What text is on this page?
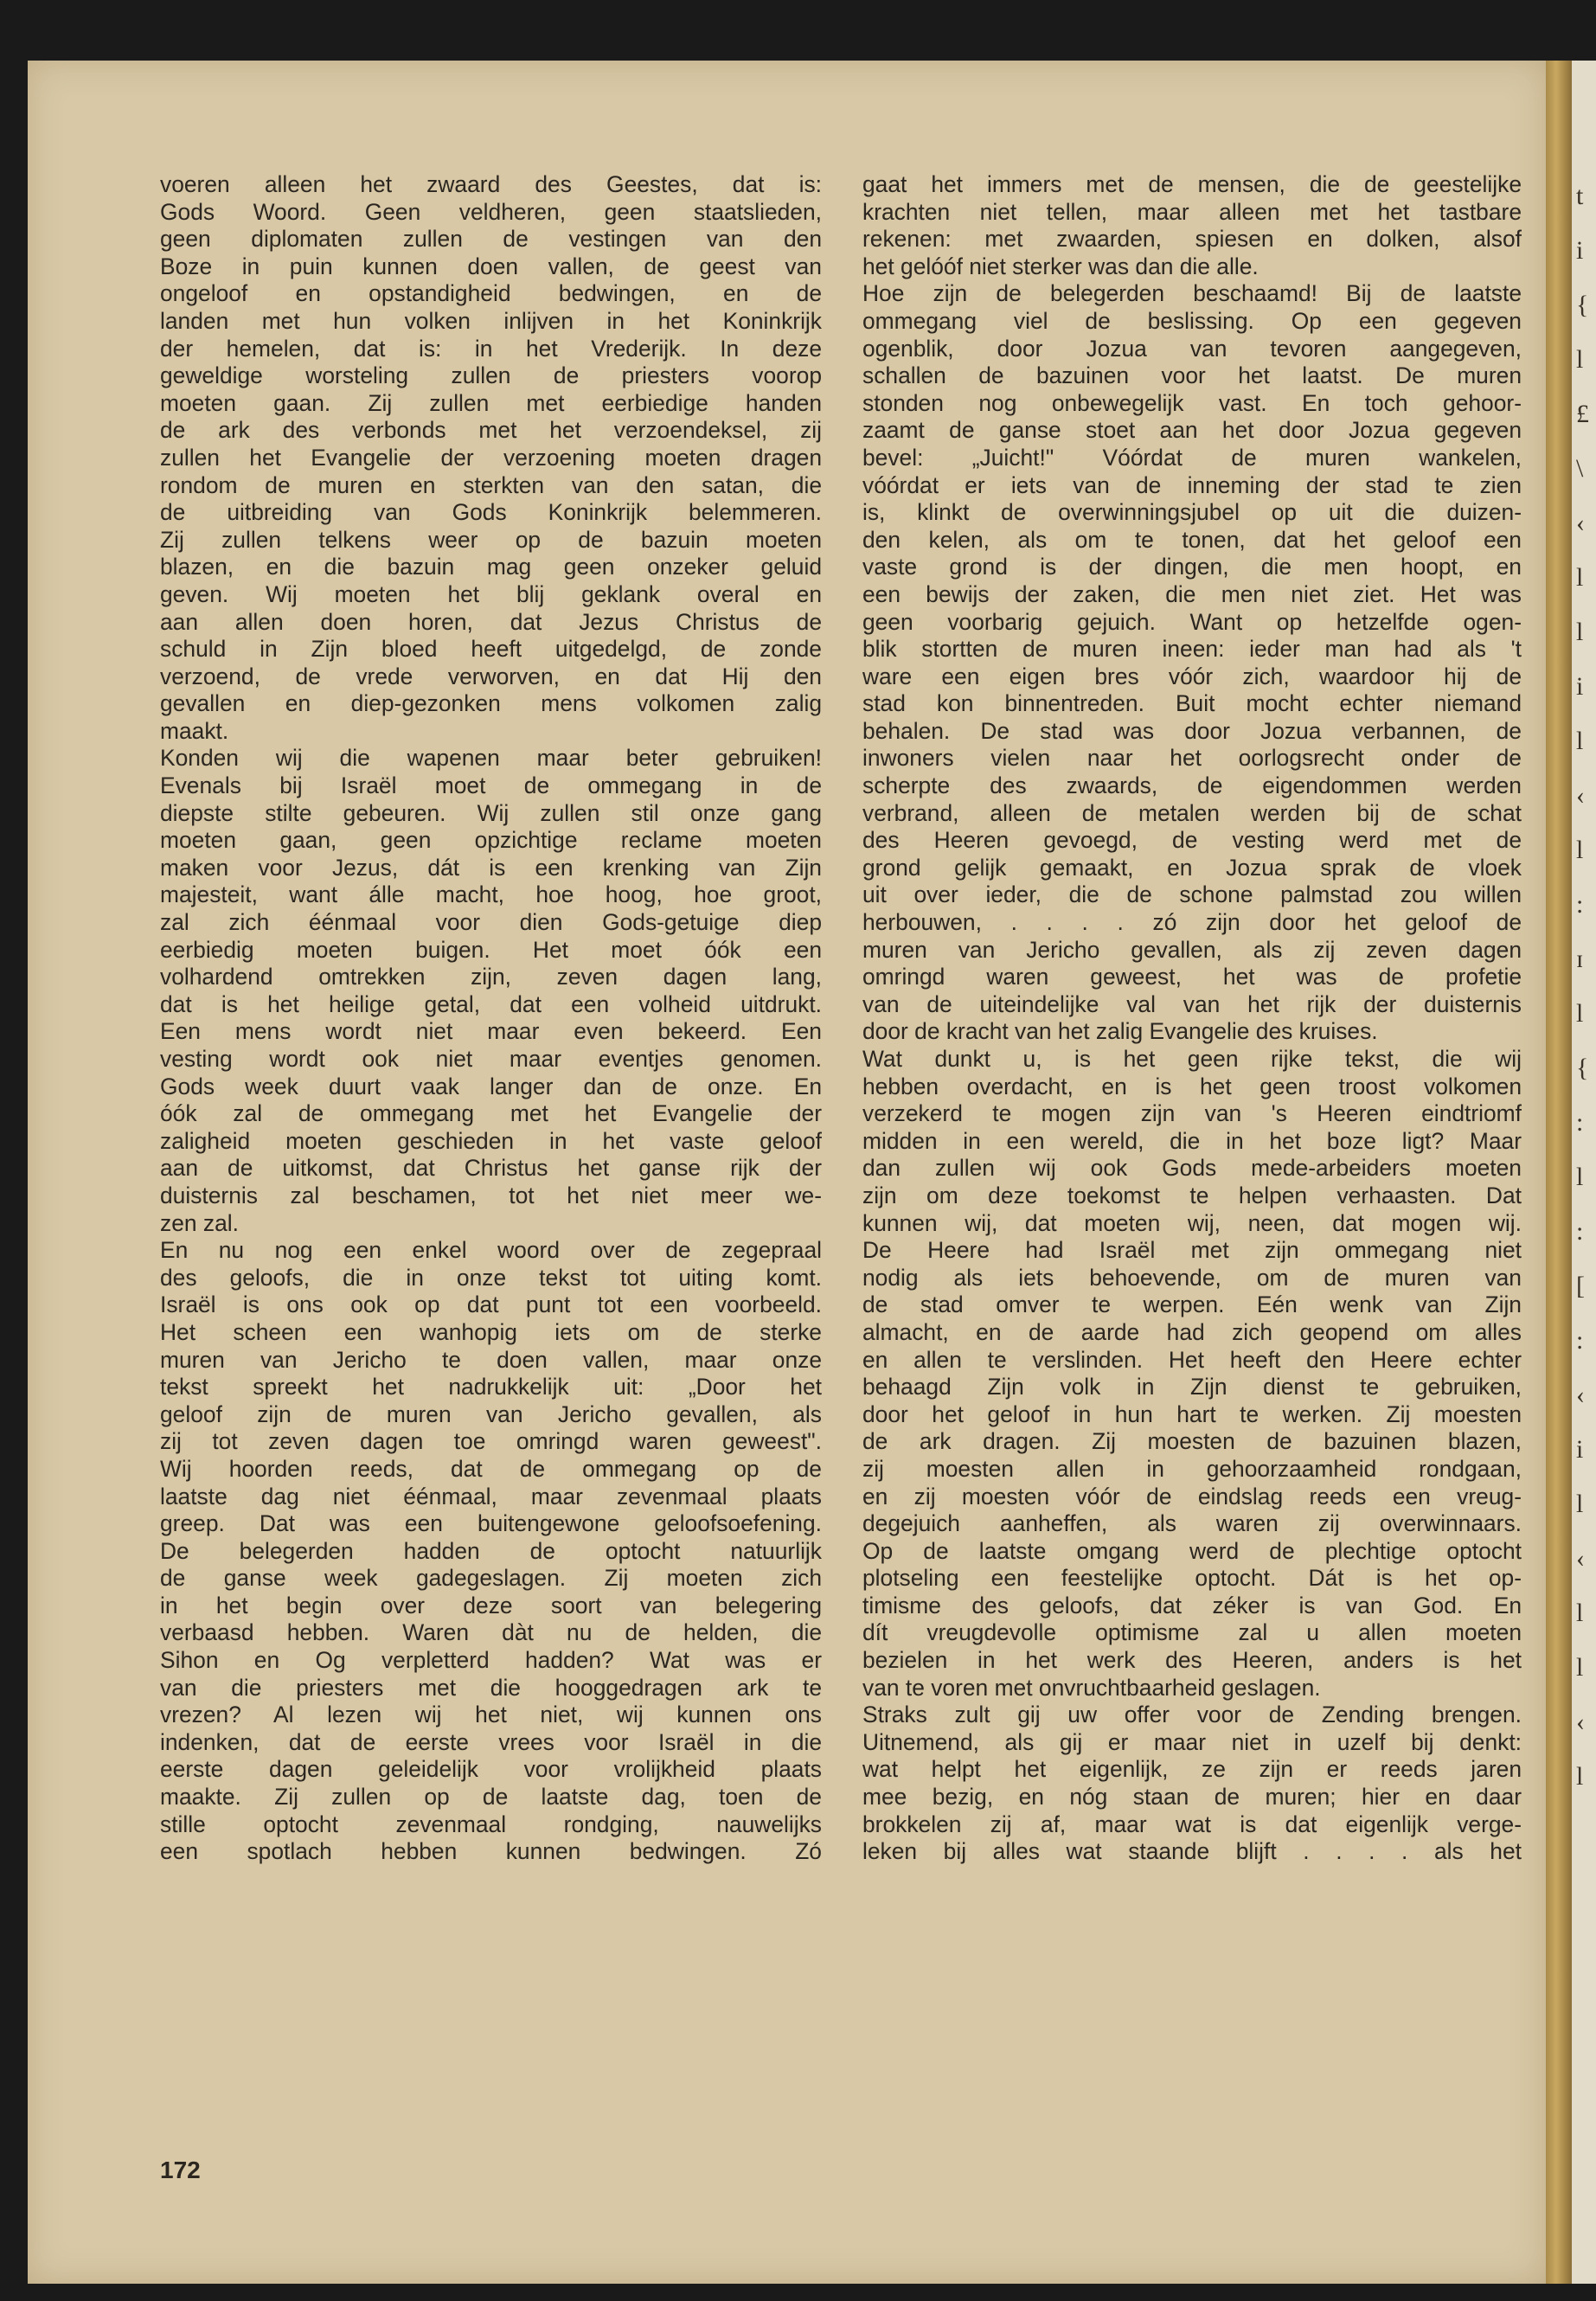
t
i
{
l
£
\
‹
l
l
i
l
‹
l
:
ɪ
l
{
:
l
:
[
:
‹
i
l
‹
l
l
‹
l
voeren alleen het zwaard des Geestes, dat is:
Gods Woord. Geen veldheren, geen staatslieden,
geen diplomaten zullen de vestingen van den
Boze in puin kunnen doen vallen, de geest van
ongeloof en opstandigheid bedwingen, en de
landen met hun volken inlijven in het Koninkrijk
der hemelen, dat is: in het Vrederijk. In deze
geweldige worsteling zullen de priesters voorop
moeten gaan. Zij zullen met eerbiedige handen
de ark des verbonds met het verzoendeksel, zij
zullen het Evangelie der verzoening moeten dragen
rondom de muren en sterkten van den satan, die
de uitbreiding van Gods Koninkrijk belemmeren.
Zij zullen telkens weer op de bazuin moeten
blazen, en die bazuin mag geen onzeker geluid
geven. Wij moeten het blij geklank overal en
aan allen doen horen, dat Jezus Christus de
schuld in Zijn bloed heeft uitgedelgd, de zonde
verzoend, de vrede verworven, en dat Hij den
gevallen en diep-gezonken mens volkomen zalig
maakt.
Konden wij die wapenen maar beter gebruiken!
Evenals bij Israël moet de ommegang in de
diepste stilte gebeuren. Wij zullen stil onze gang
moeten gaan, geen opzichtige reclame moeten
maken voor Jezus, dát is een krenking van Zijn
majesteit, want álle macht, hoe hoog, hoe groot,
zal zich éénmaal voor dien Gods-getuige diep
eerbiedig moeten buigen. Het moet óók een
volhardend omtrekken zijn, zeven dagen lang,
dat is het heilige getal, dat een volheid uitdrukt.
Een mens wordt niet maar even bekeerd. Een
vesting wordt ook niet maar eventjes genomen.
Gods week duurt vaak langer dan de onze. En
óók zal de ommegang met het Evangelie der
zaligheid moeten geschieden in het vaste geloof
aan de uitkomst, dat Christus het ganse rijk der
duisternis zal beschamen, tot het niet meer we-
zen zal.
En nu nog een enkel woord over de zegepraal
des geloofs, die in onze tekst tot uiting komt.
Israël is ons ook op dat punt tot een voorbeeld.
Het scheen een wanhopig iets om de sterke
muren van Jericho te doen vallen, maar onze
tekst spreekt het nadrukkelijk uit: „Door het
geloof zijn de muren van Jericho gevallen, als
zij tot zeven dagen toe omringd waren geweest".
Wij hoorden reeds, dat de ommegang op de
laatste dag niet éénmaal, maar zevenmaal plaats
greep. Dat was een buitengewone geloofsoefening.
De belegerden hadden de optocht natuurlijk
de ganse week gadegeslagen. Zij moeten zich
in het begin over deze soort van belegering
verbaasd hebben. Waren dàt nu de helden, die
Sihon en Og verpletterd hadden? Wat was er
van die priesters met die hooggedragen ark te
vrezen? Al lezen wij het niet, wij kunnen ons
indenken, dat de eerste vrees voor Israël in die
eerste dagen geleidelijk voor vrolijkheid plaats
maakte. Zij zullen op de laatste dag, toen de
stille optocht zevenmaal rondging, nauwelijks
een spotlach hebben kunnen bedwingen. Zó
gaat het immers met de mensen, die de geestelijke
krachten niet tellen, maar alleen met het tastbare
rekenen: met zwaarden, spiesen en dolken, alsof
het gelóóf niet sterker was dan die alle.
Hoe zijn de belegerden beschaamd! Bij de laatste
ommegang viel de beslissing. Op een gegeven
ogenblik, door Jozua van tevoren aangegeven,
schallen de bazuinen voor het laatst. De muren
stonden nog onbewegelijk vast. En toch gehoor-
zaamt de ganse stoet aan het door Jozua gegeven
bevel: „Juicht!" Vóórdat de muren wankelen,
vóórdat er iets van de inneming der stad te zien
is, klinkt de overwinningsjubel op uit die duizen-
den kelen, als om te tonen, dat het geloof een
vaste grond is der dingen, die men hoopt, en
een bewijs der zaken, die men niet ziet. Het was
geen voorbarig gejuich. Want op hetzelfde ogen-
blik stortten de muren ineen: ieder man had als 't
ware een eigen bres vóór zich, waardoor hij de
stad kon binnentreden. Buit mocht echter niemand
behalen. De stad was door Jozua verbannen, de
inwoners vielen naar het oorlogsrecht onder de
scherpte des zwaards, de eigendommen werden
verbrand, alleen de metalen werden bij de schat
des Heeren gevoegd, de vesting werd met de
grond gelijk gemaakt, en Jozua sprak de vloek
uit over ieder, die de schone palmstad zou willen
herbouwen, . . . . zó zijn door het geloof de
muren van Jericho gevallen, als zij zeven dagen
omringd waren geweest, het was de profetie
van de uiteindelijke val van het rijk der duisternis
door de kracht van het zalig Evangelie des kruises.
Wat dunkt u, is het geen rijke tekst, die wij
hebben overdacht, en is het geen troost volkomen
verzekerd te mogen zijn van 's Heeren eindtriomf
midden in een wereld, die in het boze ligt? Maar
dan zullen wij ook Gods mede-arbeiders moeten
zijn om deze toekomst te helpen verhaasten. Dat
kunnen wij, dat moeten wij, neen, dat mogen wij.
De Heere had Israël met zijn ommegang niet
nodig als iets behoevende, om de muren van
de stad omver te werpen. Eén wenk van Zijn
almacht, en de aarde had zich geopend om alles
en allen te verslinden. Het heeft den Heere echter
behaagd Zijn volk in Zijn dienst te gebruiken,
door het geloof in hun hart te werken. Zij moesten
de ark dragen. Zij moesten de bazuinen blazen,
zij moesten allen in gehoorzaamheid rondgaan,
en zij moesten vóór de eindslag reeds een vreug-
degejuich aanheffen, als waren zij overwinnaars.
Op de laatste omgang werd de plechtige optocht
plotseling een feestelijke optocht. Dát is het op-
timisme des geloofs, dat zéker is van God. En
dít vreugdevolle optimisme zal u allen moeten
bezielen in het werk des Heeren, anders is het
van te voren met onvruchtbaarheid geslagen.
Straks zult gij uw offer voor de Zending brengen.
Uitnemend, als gij er maar niet in uzelf bij denkt:
wat helpt het eigenlijk, ze zijn er reeds jaren
mee bezig, en nóg staan de muren; hier en daar
brokkelen zij af, maar wat is dat eigenlijk verge-
leken bij alles wat staande blijft . . . . als het
172
